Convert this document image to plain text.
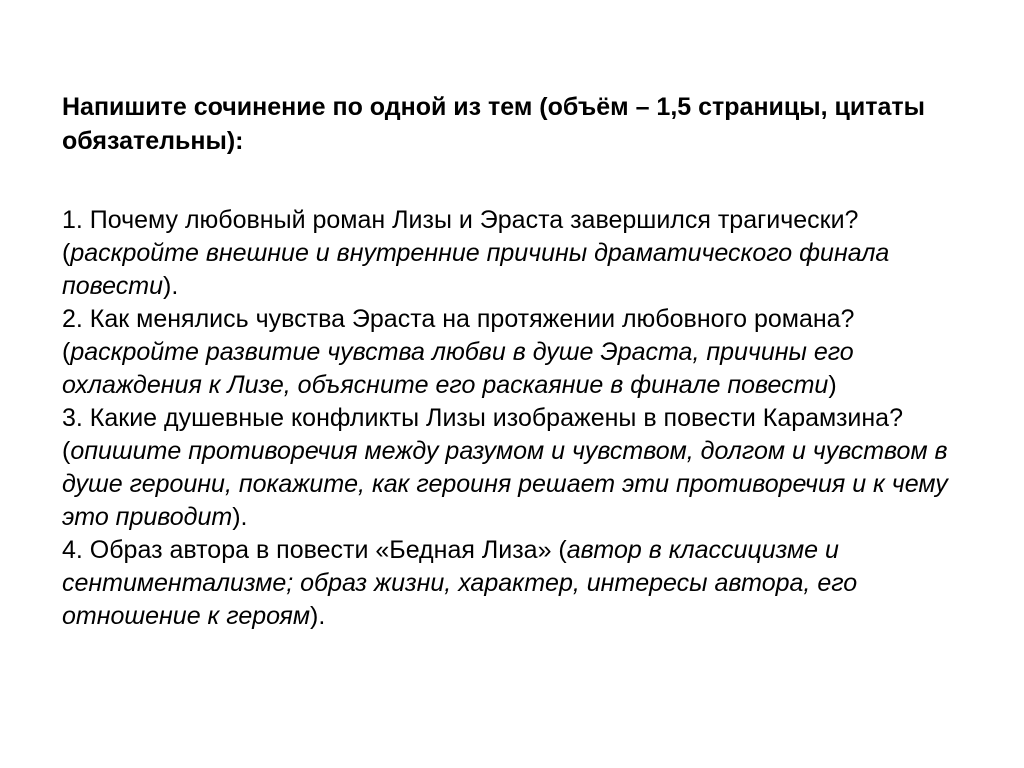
Напишите сочинение по одной из тем (объём – 1,5 страницы, цитаты обязательны):

1. Почему любовный роман Лизы и Эраста завершился трагически? (раскройте внешние и внутренние причины драматического финала повести).

2. Как менялись чувства Эраста на протяжении любовного романа? (раскройте развитие чувства любви в душе Эраста, причины его охлаждения к Лизе, объясните его раскаяние в финале повести)

3. Какие душевные конфликты Лизы изображены в повести Карамзина? (опишите противоречия между разумом и чувством, долгом и чувством в душе героини, покажите, как героиня решает эти противоречия и к чему это приводит).

4. Образ автора в повести «Бедная Лиза» (автор в классицизме и сентиментализме; образ жизни, характер, интересы автора, его отношение к героям).
